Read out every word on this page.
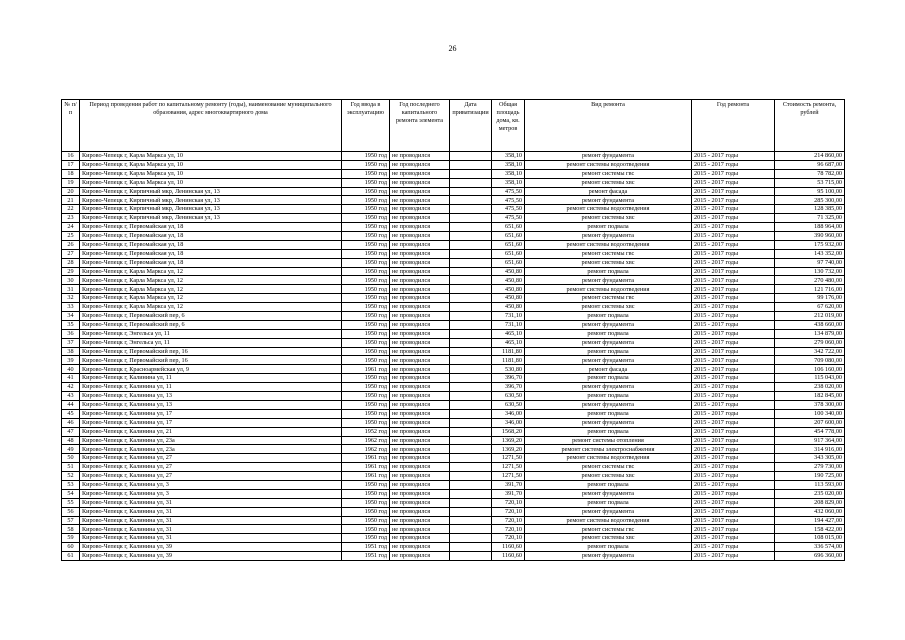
26
№ п/п	Период проведения работ по капитальному ремонту (годы), наименование муниципального образования, адрес многоквартирного дома	Год ввода в эксплуатацию	Год последнего капитального ремонта элемента	Дата приватизации	Общая площадь дома, кв. метров	Вид ремонта	Год ремонта	Стоимость ремонта, рублей
16	Кирово-Чепецк г, Карла Маркса ул, 10	1950 год	не проводился		358,10	ремонт фундамента	2015 - 2017 годы	214 860,00
17	Кирово-Чепецк г, Карла Маркса ул, 10	1950 год	не проводился		358,10	ремонт системы водоотведения	2015 - 2017 годы	96 687,00
18	Кирово-Чепецк г, Карла Маркса ул, 10	1950 год	не проводился		358,10	ремонт системы гвс	2015 - 2017 годы	78 782,00
19	Кирово-Чепецк г, Карла Маркса ул, 10	1950 год	не проводился		358,10	ремонт системы хвс	2015 - 2017 годы	53 715,00
20	Кирово-Чепецк г, Кирпичный мкр, Ленинская ул, 13	1950 год	не проводился		475,50	ремонт фасада	2015 - 2017 годы	95 100,00
21	Кирово-Чепецк г, Кирпичный мкр, Ленинская ул, 13	1950 год	не проводился		475,50	ремонт фундамента	2015 - 2017 годы	285 300,00
22	Кирово-Чепецк г, Кирпичный мкр, Ленинская ул, 13	1950 год	не проводился		475,50	ремонт системы водоотведения	2015 - 2017 годы	128 385,00
23	Кирово-Чепецк г, Кирпичный мкр, Ленинская ул, 13	1950 год	не проводился		475,50	ремонт системы хвс	2015 - 2017 годы	71 325,00
24	Кирово-Чепецк г, Первомайская ул, 18	1950 год	не проводился		651,60	ремонт подвала	2015 - 2017 годы	188 964,00
25	Кирово-Чепецк г, Первомайская ул, 18	1950 год	не проводился		651,60	ремонт фундамента	2015 - 2017 годы	390 960,00
26	Кирово-Чепецк г, Первомайская ул, 18	1950 год	не проводился		651,60	ремонт системы водоотведения	2015 - 2017 годы	175 932,00
27	Кирово-Чепецк г, Первомайская ул, 18	1950 год	не проводился		651,60	ремонт системы гвс	2015 - 2017 годы	143 352,00
28	Кирово-Чепецк г, Первомайская ул, 18	1950 год	не проводился		651,60	ремонт системы хвс	2015 - 2017 годы	97 740,00
29	Кирово-Чепецк г, Карла Маркса ул, 12	1950 год	не проводился		450,80	ремонт подвала	2015 - 2017 годы	130 732,00
30	Кирово-Чепецк г, Карла Маркса ул, 12	1950 год	не проводился		450,80	ремонт фундамента	2015 - 2017 годы	270 480,00
31	Кирово-Чепецк г, Карла Маркса ул, 12	1950 год	не проводился		450,80	ремонт системы водоотведения	2015 - 2017 годы	121 716,00
32	Кирово-Чепецк г, Карла Маркса ул, 12	1950 год	не проводился		450,80	ремонт системы гвс	2015 - 2017 годы	99 176,00
33	Кирово-Чепецк г, Карла Маркса ул, 12	1950 год	не проводился		450,80	ремонт системы хвс	2015 - 2017 годы	67 620,00
34	Кирово-Чепецк г, Первомайский пер, 6	1950 год	не проводился		731,10	ремонт подвала	2015 - 2017 годы	212 019,00
35	Кирово-Чепецк г, Первомайский пер, 6	1950 год	не проводился		731,10	ремонт фундамента	2015 - 2017 годы	438 660,00
36	Кирово-Чепецк г, Энгельса ул, 11	1950 год	не проводился		465,10	ремонт подвала	2015 - 2017 годы	134 879,00
37	Кирово-Чепецк г, Энгельса ул, 11	1950 год	не проводился		465,10	ремонт фундамента	2015 - 2017 годы	279 060,00
38	Кирово-Чепецк г, Первомайский пер, 16	1950 год	не проводился		1181,80	ремонт подвала	2015 - 2017 годы	342 722,00
39	Кирово-Чепецк г, Первомайский пер, 16	1950 год	не проводился		1181,80	ремонт фундамента	2015 - 2017 годы	709 080,00
40	Кирово-Чепецк г, Красноармейская ул, 9	1961 год	не проводился		530,80	ремонт фасада	2015 - 2017 годы	106 160,00
41	Кирово-Чепецк г, Калинина ул, 11	1950 год	не проводился		396,70	ремонт подвала	2015 - 2017 годы	115 043,00
42	Кирово-Чепецк г, Калинина ул, 11	1950 год	не проводился		396,70	ремонт фундамента	2015 - 2017 годы	238 020,00
43	Кирово-Чепецк г, Калинина ул, 13	1950 год	не проводился		630,50	ремонт подвала	2015 - 2017 годы	182 845,00
44	Кирово-Чепецк г, Калинина ул, 13	1950 год	не проводился		630,50	ремонт фундамента	2015 - 2017 годы	378 300,00
45	Кирово-Чепецк г, Калинина ул, 17	1950 год	не проводился		346,00	ремонт подвала	2015 - 2017 годы	100 340,00
46	Кирово-Чепецк г, Калинина ул, 17	1950 год	не проводился		346,00	ремонт фундамента	2015 - 2017 годы	207 600,00
47	Кирово-Чепецк г, Калинина ул, 21	1952 год	не проводился		1568,20	ремонт подвала	2015 - 2017 годы	454 778,00
48	Кирово-Чепецк г, Калинина ул, 23а	1962 год	не проводился		1369,20	ремонт системы отопления	2015 - 2017 годы	917 364,00
49	Кирово-Чепецк г, Калинина ул, 23а	1962 год	не проводился		1369,20	ремонт системы электроснабжения	2015 - 2017 годы	314 916,00
50	Кирово-Чепецк г, Калинина ул, 27	1961 год	не проводился		1271,50	ремонт системы водоотведения	2015 - 2017 годы	343 305,00
51	Кирово-Чепецк г, Калинина ул, 27	1961 год	не проводился		1271,50	ремонт системы гвс	2015 - 2017 годы	279 730,00
52	Кирово-Чепецк г, Калинина ул, 27	1961 год	не проводился		1271,50	ремонт системы хвс	2015 - 2017 годы	190 725,00
53	Кирово-Чепецк г, Калинина ул, 3	1950 год	не проводился		391,70	ремонт подвала	2015 - 2017 годы	113 593,00
54	Кирово-Чепецк г, Калинина ул, 3	1950 год	не проводился		391,70	ремонт фундамента	2015 - 2017 годы	235 020,00
55	Кирово-Чепецк г, Калинина ул, 31	1950 год	не проводился		720,10	ремонт подвала	2015 - 2017 годы	208 829,00
56	Кирово-Чепецк г, Калинина ул, 31	1950 год	не проводился		720,10	ремонт фундамента	2015 - 2017 годы	432 060,00
57	Кирово-Чепецк г, Калинина ул, 31	1950 год	не проводился		720,10	ремонт системы водоотведения	2015 - 2017 годы	194 427,00
58	Кирово-Чепецк г, Калинина ул, 31	1950 год	не проводился		720,10	ремонт системы гвс	2015 - 2017 годы	158 422,00
59	Кирово-Чепецк г, Калинина ул, 31	1950 год	не проводился		720,10	ремонт системы хвс	2015 - 2017 годы	108 015,00
60	Кирово-Чепецк г, Калинина ул, 39	1951 год	не проводился		1160,60	ремонт подвала	2015 - 2017 годы	336 574,00
61	Кирово-Чепецк г, Калинина ул, 39	1951 год	не проводился		1160,60	ремонт фундамента	2015 - 2017 годы	696 360,00
